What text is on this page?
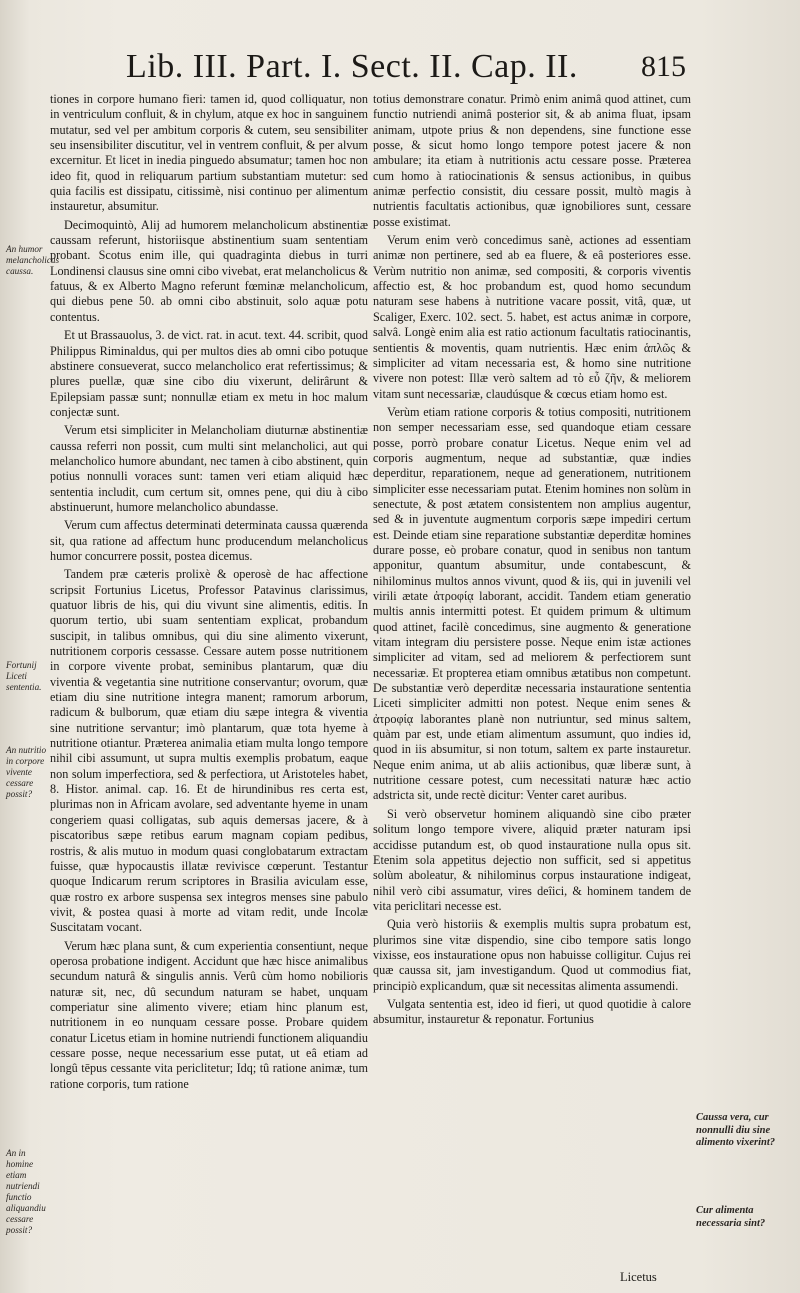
Lib. III. Part. I. Sect. II. Cap. II. 815
An humor melancholicus caussa.
Fortunij Liceti sententia.
An nutritio in corpore vivente cessare possit?
An in homine etiam nutriendi functio aliquandiu cessare possit?

tiones in corpore humano fieri: tamen id, quod colliquatur, non in ventriculum confluit, & in chylum, atque ex hoc in sanguinem mutatur, sed vel per ambitum corporis & cutem, seu sensibiliter seu insensibiliter discutitur, vel in ventrem confluit, & per alvum excernitur. Et licet in inedia pinguedo absumatur; tamen hoc non ideo fit, quod in reliquarum partium substantiam mutetur: sed quia facilis est dissipatu, citissimè, nisi continuo per alimentum instauretur, absumitur.

Decimoquintò, Alij ad humorem melancholicum abstinentiæ caussam referunt, historiisque abstinentium suam sententiam probant. Scotus enim ille, qui quadraginta diebus in turri Londinensi clausus sine omni cibo vivebat, erat melancholicus & fatuus, & ex Alberto Magno referunt fœminæ melancholicum, qui diebus pene 50. ab omni cibo abstinuit, solo aquæ potu contentus.

Et ut Brassauolus, 3. de vict. rat. in acut. text. 44. scribit, quod Philippus Riminaldus, qui per multos dies ab omni cibo potuque abstinere consueverat, succo melancholico erat refertissimus; & plures puellæ, quæ sine cibo diu vixerunt, delirârunt & Epilepsiam passæ sunt; nonnullæ etiam ex metu in hoc malum conjectæ sunt.

Verum etsi simpliciter in Melancholiam diuturnæ abstinentiæ caussa referri non possit, cum multi sint melancholici, aut qui melancholico humore abundant, nec tamen à cibo abstinent, quin potius nonnulli voraces sunt: tamen veri etiam aliquid hæc sententia includit, cum certum sit, omnes pene, qui diu à cibo abstinuerunt, humore melancholico abundasse.

Verum cum affectus determinati determinata caussa quærenda sit, qua ratione ad affectum hunc producendum melancholicus humor concurrere possit, postea dicemus.

Tandem præ cæteris prolixè & operosè de hac affectione scripsit Fortunius Licetus, Professor Patavinus clarissimus, quatuor libris de his, qui diu vivunt sine alimentis, editis. In quorum tertio, ubi suam sententiam explicat, probandum suscipit, in talibus omnibus, qui diu sine alimento vixerunt, nutritionem corporis cessasse. Cessare autem posse nutritionem in corpore vivente probat, seminibus plantarum, quæ diu viventia & vegetantia sine nutritione conservantur; ovorum, quæ etiam diu sine nutritione integra manent; ramorum arborum, radicum & bulborum, quæ etiam diu sæpe integra & viventia sine nutritione servantur; imò plantarum, quæ tota hyeme à nutritione otiantur. Præterea animalia etiam multa longo tempore nihil cibi assumunt, ut supra multis exemplis probatum, eaque non solum imperfectiora, sed & perfectiora, ut Aristoteles habet, 8. Histor. animal. cap. 16. Et de hirundinibus res certa est, plurimas non in Africam avolare, sed adventante hyeme in unam congeriem quasi colligatas, sub aquis demersas jacere, & à piscatoribus sæpe retibus earum magnam copiam pedibus, rostris, & alis mutuo in modum quasi conglobatarum extractam fuisse, quæ hypocaustis illatæ revivisce cœperunt. Testantur quoque Indicarum rerum scriptores in Brasilia aviculam esse, quæ rostro ex arbore suspensa sex integros menses sine pabulo vivit, & postea quasi à morte ad vitam redit, unde Incolæ Suscitatam vocant.

Verum hæc plana sunt, & cum experientia consentiunt, neque operosa probatione indigent. Accidunt que hæc hisce animalibus secundum naturâ & singulis annis. Verû cùm homo nobilioris naturæ sit, nec, dû secundum naturam se habet, unquam comperiatur sine alimento vivere; etiam hinc planum est, nutritionem in eo nunquam cessare posse. Probare quidem conatur Licetus etiam in homine nutriendi functionem aliquandiu cessare posse, neque necessarium esse putat, ut eâ etiam ad longû tēpus cessante vita periclitetur; Idq; tû ratione animæ, tum ratione corporis, tum ratione

totius demonstrare conatur. Primò enim animâ quod attinet, cum functio nutriendi animâ posterior sit, & ab anima fluat, ipsam animam, utpote prius & non dependens, sine functione esse posse, & sicut homo longo tempore potest jacere & non ambulare; ita etiam à nutritionis actu cessare posse. Præterea cum homo à ratiocinationis & sensus actionibus, in quibus animæ perfectio consistit, diu cessare possit, multò magis à nutrientis facultatis actionibus, quæ ignobiliores sunt, cessare posse existimat.

Verum enim verò concedimus sanè, actiones ad essentiam animæ non pertinere, sed ab ea fluere, & eâ posteriores esse. Verùm nutritio non animæ, sed compositi, & corporis viventis affectio est, & hoc probandum est, quod homo secundum naturam sese habens à nutritione vacare possit, vitâ, quæ, ut Scaliger, Exerc. 102. sect. 5. habet, est actus animæ in corpore, salvâ. Longè enim alia est ratio actionum facultatis ratiocinantis, sentientis & moventis, quam nutrientis. Hæc enim ἁπλῶς & simpliciter ad vitam necessaria est, & homo sine nutritione vivere non potest: Illæ verò saltem ad τὸ εὖ ζῆν, & meliorem vitam sunt necessariæ, claudúsque & cœcus etiam homo est.

Verùm etiam ratione corporis & totius compositi, nutritionem non semper necessariam esse, sed quandoque etiam cessare posse, porrò probare conatur Licetus. Neque enim vel ad corporis augmentum, neque ad substantiæ, quæ indies deperditur, reparationem, neque ad generationem, nutritionem simpliciter esse necessariam putat. Etenim homines non solùm in senectute, & post ætatem consistentem non amplius augentur, sed & in juventute augmentum corporis sæpe impediri certum est. Deinde etiam sine reparatione substantiæ deperditæ homines durare posse, eò probare conatur, quod in senibus non tantum apponitur, quantum absumitur, unde contabescunt, & nihilominus multos annos vivunt, quod & iis, qui in juvenili vel virili ætate ἀτροφίᾳ laborant, accidit. Tandem etiam generatio multis annis intermitti potest. Et quidem primum & ultimum quod attinet, facilè concedimus, sine augmento & generatione vitam integram diu persistere posse. Neque enim istæ actiones simpliciter ad vitam, sed ad meliorem & perfectiorem sunt necessariæ. Et propterea etiam omnibus ætatibus non competunt. De substantiæ verò deperditæ necessaria instauratione sententia Liceti simpliciter admitti non potest. Neque enim senes & ἀτροφίᾳ laborantes planè non nutriuntur, sed minus saltem, quàm par est, unde etiam alimentum assumunt, quo indies id, quod in iis absumitur, si non totum, saltem ex parte instauretur. Neque enim anima, ut ab aliis actionibus, quæ liberæ sunt, à nutritione cessare potest, cum necessitati naturæ hæc actio adstricta sit, unde rectè dicitur: Venter caret auribus.

Si verò observetur hominem aliquandò sine cibo præter solitum longo tempore vivere, aliquid præter naturam ipsi accidisse putandum est, ob quod instauratione nulla opus sit. Etenim sola appetitus dejectio non sufficit, sed si appetitus solùm aboleatur, & nihilominus corpus instauratione indigeat, nihil verò cibi assumatur, vires deîici, & hominem tandem de vita periclitari necesse est.

Quia verò historiis & exemplis multis supra probatum est, plurimos sine vitæ dispendio, sine cibo tempore satis longo vixisse, eos instauratione opus non habuisse colligitur. Cujus rei quæ caussa sit, jam investigandum. Quod ut commodius fiat, principiò explicandum, quæ sit necessitas alimenta assumendi.

Vulgata sententia est, ideo id fieri, ut quod quotidie à calore absumitur, instauretur & reponatur. Fortunius

Caussa vera, cur nonnulli diu sine alimento vixerint?
Cur alimenta necessaria sint?
Licetus
